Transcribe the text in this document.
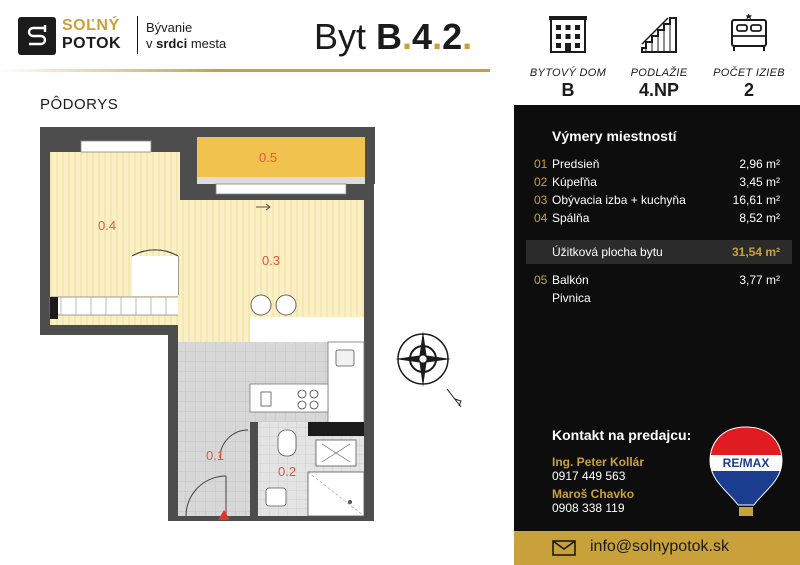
SOĽNÝ
POTOK
Bývanie
v srdci mesta Byt B.4.2.
BYTOVÝ DOM
B
PODLAŽIE
4.NP
POČET IZIEB
2
PÔDORYS
0.4
0.5
0.3
0.1
0.2
Výmery miestností
01 Predsieň	2,96 m²
02 Kúpeľňa	3,45 m²
03 Obývacia izba + kuchyňa	16,61 m²
04 Spálňa	8,52 m²
Úžitková plocha bytu	31,54 m²
05 Balkón	3,77 m²
Pivnica
Kontakt na predajcu:
Ing. Peter Kollár
0917 449 563
Maroš Chavko
0908 338 119
RE/MAX
info@solnypotok.sk
